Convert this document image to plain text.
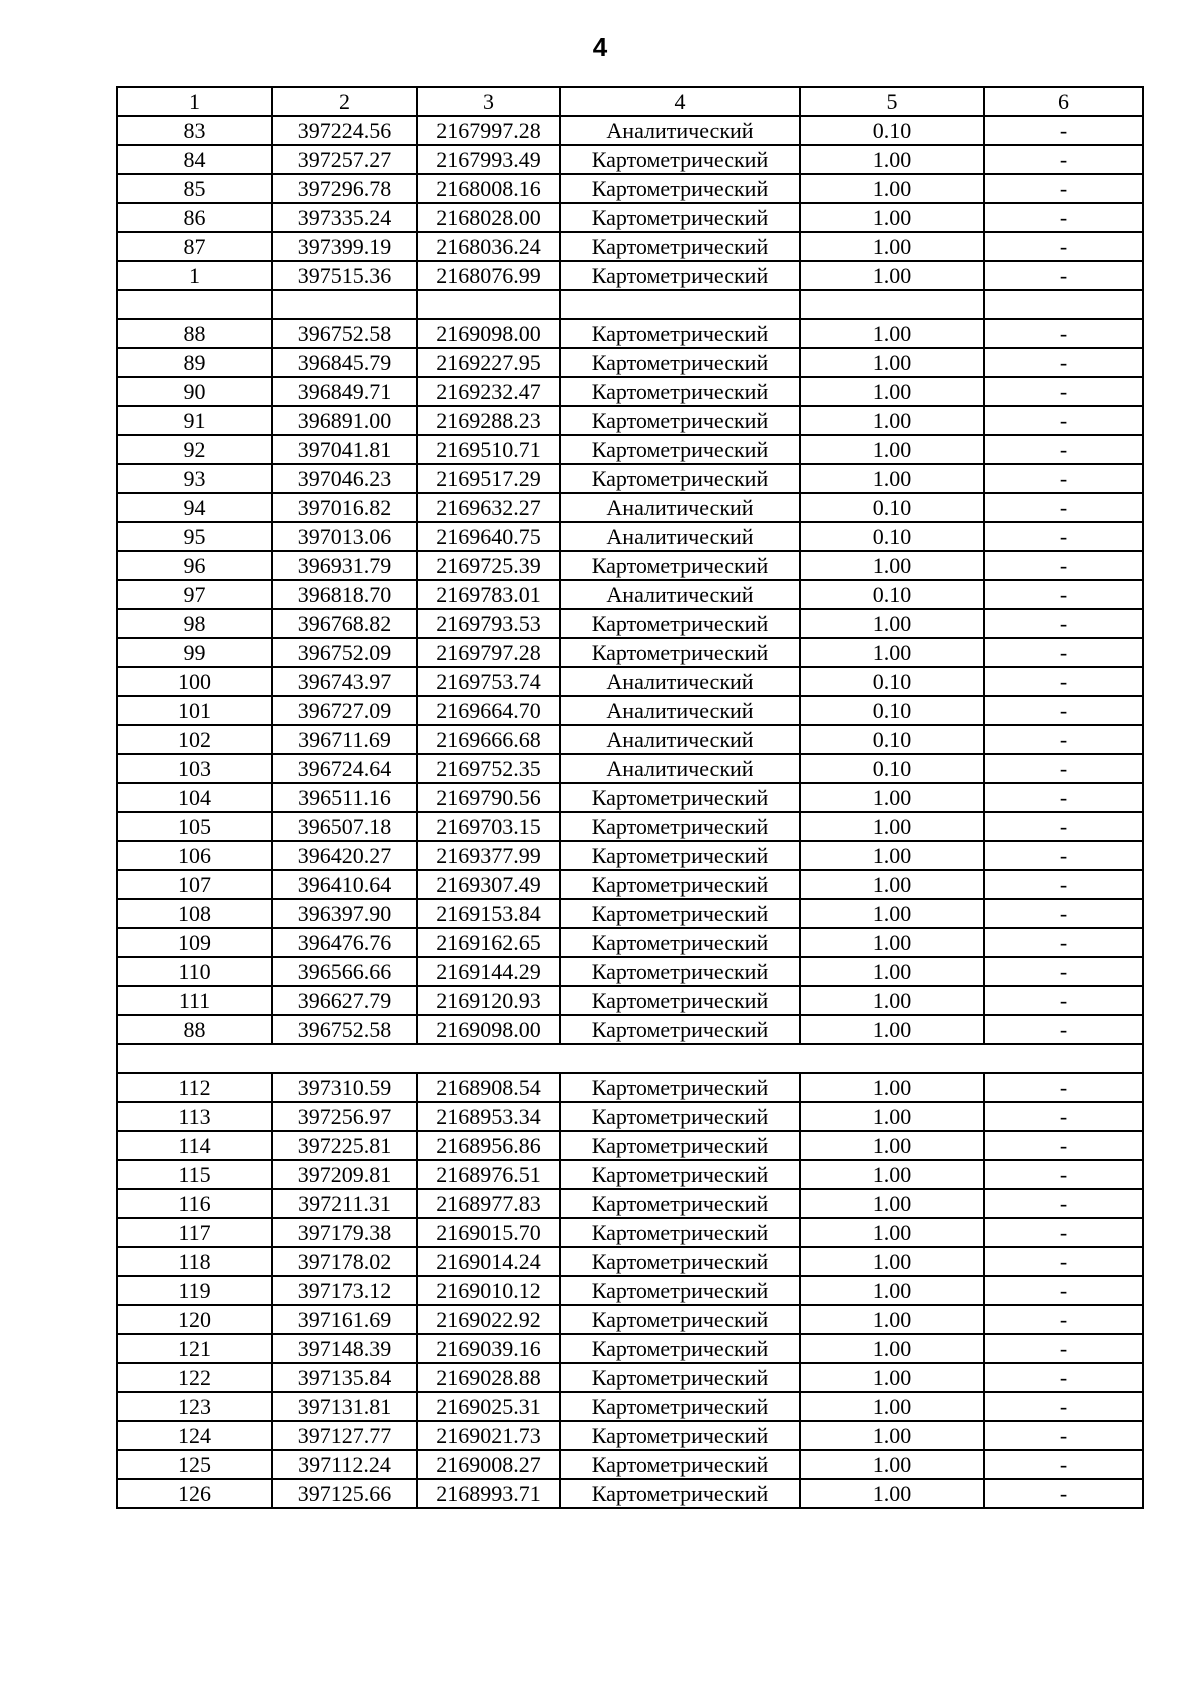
4
1	2	3	4	5	6
83	397224.56	2167997.28	Аналитический	0.10	-
84	397257.27	2167993.49	Картометрический	1.00	-
85	397296.78	2168008.16	Картометрический	1.00	-
86	397335.24	2168028.00	Картометрический	1.00	-
87	397399.19	2168036.24	Картометрический	1.00	-
1	397515.36	2168076.99	Картометрический	1.00	-

88	396752.58	2169098.00	Картометрический	1.00	-
89	396845.79	2169227.95	Картометрический	1.00	-
90	396849.71	2169232.47	Картометрический	1.00	-
91	396891.00	2169288.23	Картометрический	1.00	-
92	397041.81	2169510.71	Картометрический	1.00	-
93	397046.23	2169517.29	Картометрический	1.00	-
94	397016.82	2169632.27	Аналитический	0.10	-
95	397013.06	2169640.75	Аналитический	0.10	-
96	396931.79	2169725.39	Картометрический	1.00	-
97	396818.70	2169783.01	Аналитический	0.10	-
98	396768.82	2169793.53	Картометрический	1.00	-
99	396752.09	2169797.28	Картометрический	1.00	-
100	396743.97	2169753.74	Аналитический	0.10	-
101	396727.09	2169664.70	Аналитический	0.10	-
102	396711.69	2169666.68	Аналитический	0.10	-
103	396724.64	2169752.35	Аналитический	0.10	-
104	396511.16	2169790.56	Картометрический	1.00	-
105	396507.18	2169703.15	Картометрический	1.00	-
106	396420.27	2169377.99	Картометрический	1.00	-
107	396410.64	2169307.49	Картометрический	1.00	-
108	396397.90	2169153.84	Картометрический	1.00	-
109	396476.76	2169162.65	Картометрический	1.00	-
110	396566.66	2169144.29	Картометрический	1.00	-
111	396627.79	2169120.93	Картометрический	1.00	-
88	396752.58	2169098.00	Картометрический	1.00	-

112	397310.59	2168908.54	Картометрический	1.00	-
113	397256.97	2168953.34	Картометрический	1.00	-
114	397225.81	2168956.86	Картометрический	1.00	-
115	397209.81	2168976.51	Картометрический	1.00	-
116	397211.31	2168977.83	Картометрический	1.00	-
117	397179.38	2169015.70	Картометрический	1.00	-
118	397178.02	2169014.24	Картометрический	1.00	-
119	397173.12	2169010.12	Картометрический	1.00	-
120	397161.69	2169022.92	Картометрический	1.00	-
121	397148.39	2169039.16	Картометрический	1.00	-
122	397135.84	2169028.88	Картометрический	1.00	-
123	397131.81	2169025.31	Картометрический	1.00	-
124	397127.77	2169021.73	Картометрический	1.00	-
125	397112.24	2169008.27	Картометрический	1.00	-
126	397125.66	2168993.71	Картометрический	1.00	-
